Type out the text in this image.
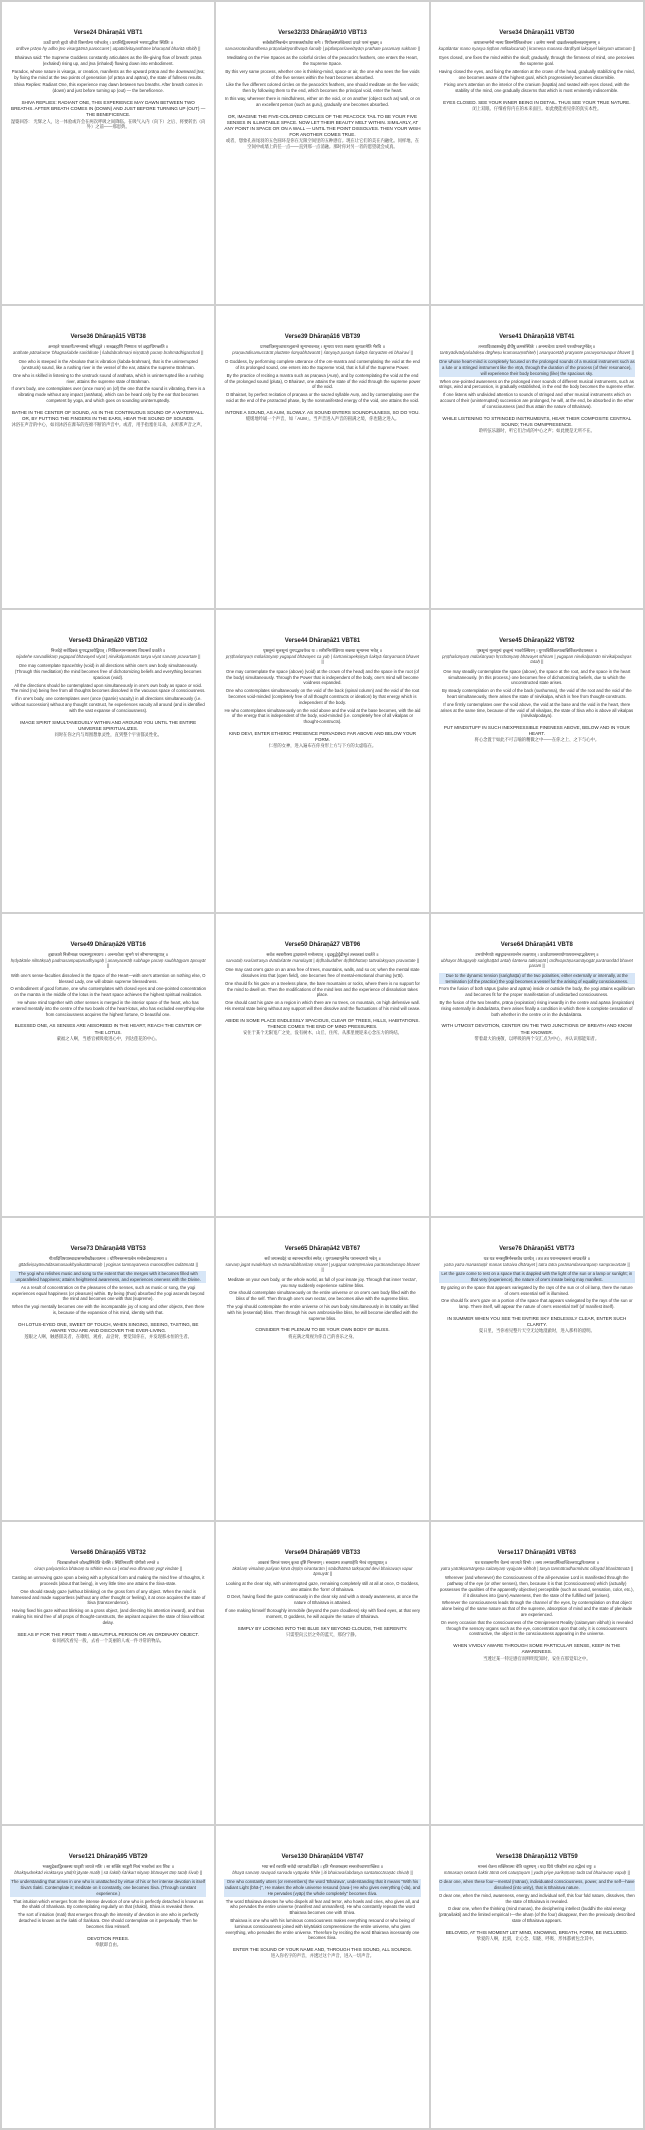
Verse24 Dhāraṇā1 VBT1
ऊर्ध्वे प्राणो ह्यधो जीवो विसर्गात्मा परोच्चरेत् । उत्पत्तिद्वितयस्थाने भरणाद्भरिता स्थितिः ॥
ūrdhve prāṇo hy adho jīvo visargātmā paroccaret | utpattidvitayasthāne bharaṇād bharitā sthitiḥ ||

Bhairava said: The Supreme Goddess constantly articulates as the life-giving flow of breath: prāṇa (exhaled) rising up, and jīva (inhaled) flowing down into embodiment.

Paradox, whose nature is visarga, or creation, manifests as the upward prāṇa and the downward jīva; by fixing the mind at the two points of generation (of prāṇa and apāna), the state of fullness results.

Shiva Replies: Radiant One, this experience may dawn between two breaths. After breath comes in (down) and just before turning up (out) — the beneficence.

SHIVA REPLIES: RADIANT ONE, THIS EXPERIENCE MAY DAWN BETWEEN TWO BREATHS. AFTER BREATH COMES IN (DOWN) AND JUST BEFORE TURNING UP (OUT) — THE BENEFICENCE.
湿婆回答： 光辉之人，这一体验或许会在两次呼吸之间降临。在吸气入内（向下）之后、将要转出（向外）之前——那恩典。
Verse32/33 Dhāraṇā9/10 VBT13
सर्वस्रोतोनिबन्धेन प्राणशक्त्योर्ध्वया शनैः । पिपीलस्पर्शवेलायां प्रथते परमं सुखम् ॥
sarvasrotonibandhena prāṇaśaktyordhvayā śanaiḥ | pipīlasparśavelāyāṃ prathate paramaṃ sukham ||

Meditating on the Five Spaces as the colorful circles of the peacock's feathers, one enters the Heart, the Supreme Space.

By this very same process, whether one is thinking-mind, space or air, the one who sees the five voids of the five senses within the heart becomes absorbed.

Like the five different colored circles on the peacock's feathers, one should meditate on the five voids; then by following them to the end, which becomes the principal void, enter the heart.

In this way, wherever there is mindfulness, either on the void, or on another (object such as) wall, or on an excellent person (such as guru), gradually one becomes absorbed.

OR, IMAGINE THE FIVE-COLORED CIRCLES OF THE PEACOCK TAIL TO BE YOUR FIVE SENSES IN ILLIMITABLE SPACE. NOW LET THEIR BEAUTY MELT WITHIN. SIMILARLY, AT ANY POINT IN SPACE OR ON A WALL — UNTIL THE POINT DISSOLVES. THEN YOUR WISH FOR ANOTHER COMES TRUE.
或者，想象孔雀尾羽的五色圆环是你在无限空间里的五种感官。现在让它们的美在内融化。同样地，在空间中或墙上的任一点——直到那一点消融。那时你对另一者的愿望就会成真。
Verse34 Dhāraṇā11 VBT30
कपालान्तर्मनो न्यस्य तिष्ठन्मीलितलोचनः । क्रमेण मनसो दार्ढ्याल्लक्षयेल्लक्ष्यमुत्तमम् ॥
kapālāntar mano nyasya tiṣṭhan mīlitalocanaḥ | krameṇa manaso dārḍhyāl lakṣayel lakṣyam uttamam ||

Eyes closed, one fixes the mind within the skull; gradually, through the firmness of mind, one perceives the supreme goal.

Having closed the eyes, and fixing the attention at the crown of the head, gradually stabilizing the mind, one becomes aware of the highest goal, which progressively becomes discernible.

Fixing one's attention on the interior of the cranium (kapāla) and seated with eyes closed, with the stability of the mind, one gradually discerns that which is most eminently indiscernible.

EYES CLOSED. SEE YOUR INNER BEING IN DETAIL. THUS SEE YOUR TRUE NATURE.
闭上双眼。仔细看你内在的本来面目。如此便能看见你的真实本性。
Verse36 Dhāraṇā15 VBT38
अनाहते पात्रकर्णेऽभग्नशब्दे सरिद्द्रुते । शब्दब्रह्मणि निष्णातः परं ब्रह्माधिगच्छति ॥
anāhate pātrakarṇe 'bhagnaśabde sariddrute | śabdabrahmaṇi niṣṇātaḥ paraṃ brahmādhigacchati ||

One who is steeped in the Absolute that is vibration (śabda-brahman), that is the uninterrupted (unstruck) sound, like a rushing river in the vessel of the ear, attains the supreme Brahman.

One who is skilled in listening to the unstruck sound of anāhata, which is uninterrupted like a rushing river, attains the supreme state of Brahman.

If one's body, one contemplates over (once more) on (of) the one that the sound is vibrating, there is a vibrating mode without any impact (anāhata), which can be heard only by the ear that becomes competent by yoga, and which goes on sounding uninterruptedly.

BATHE IN THE CENTER OF SOUND, AS IN THE CONTINUOUS SOUND OF A WATERFALL. OR, BY PUTTING THE FINGERS IN THE EARS, HEAR THE SOUND OF SOUNDS.
沐浴在声音的中心，如同沐浴在瀑布的连绵不断的声音中。或者，用手指塞住耳朵，去听那声音之声。
Verse39 Dhāraṇā16 VBT39
प्रणवादिसमुच्चारात्प्लुतान्ते शून्यभावनात् । शून्यया परया शक्त्या शून्यतामेति भैरवि ॥
praṇavādisamuccārāt plutānte śūnyabhāvanāt | śūnyayā parayā śaktyā śūnyatām eti bhairavi ||

O Goddess, by performing complete utterance of the om-mantra and contemplating the void at the end of its prolonged sound, one enters into the Supreme Void, that is full of the Supreme Power.

By the practice of reciting a mantra such as praṇava (Auṃ), and by contemplating the void at the end of the prolonged sound (pluta), O Bhairavī, one attains the state of the void through the supreme power of the void.

O Bhairavī, by perfect recitation of praṇava or the sacred syllable Auṃ, and by contemplating over the void at the end of the protracted phase, by the nonmanifested energy of the void, one attains the void.

INTONE A SOUND, AS AUM, SLOWLY. AS SOUND ENTERS SOUNDFULNESS, SO DO YOU.
缓缓地吟诵一个声音，如「AUM」。当声音进入声音的圆满之境，你也随之进入。
Verse41 Dhāraṇā18 VBT41
तन्त्र्यादिवाद्यशब्देषु दीर्घेषु क्रमसंस्थितेः । अनन्यचेताः प्रत्यन्ते परव्योमवपुर्भवेत् ॥
tantryādivādyaśabdeṣu dīrgheṣu kramasaṃsthiteḥ | ananyacetāḥ pratyante paravyomavapur bhavet ||

One whose heart-mind is completely focused on the prolonged sounds of a musical instrument such as a lute or a stringed instrument like the vīṇā, through the duration of the process (of their resonance), will experience their body becoming (like) the spacious sky.

When one-pointed awareness on the prolonged inner sounds of different musical instruments, such as strings, wind and percussion, is gradually established, in the end the body becomes the supreme ether.

If one listens with undivided attention to sounds of stringed and other musical instruments which on account of their (uninterrupted) succession are prolonged, he will, at the end, be absorbed in the ether of consciousness (and thus attain the nature of Bhairava).

WHILE LISTENING TO STRINGED INSTRUMENTS, HEAR THEIR COMPOSITE CENTRAL SOUND; THUS OMNIPRESENCE.
聆听弦乐器时，听它们合成的中心之声；如此便是无所不在。
Verse43 Dhāraṇā20 VBT102
निजदेहे सर्वदिक्कं युगपद्भावयेद्वियत् । निर्विकल्पमनास्तस्य वियत्सर्वं प्रवर्तते ॥
nijadehe sarvadikkaṃ yugapad bhāvayed viyat | nirvikalpamanās tasya viyat sarvaṃ pravartate ||

One may contemplate Space/Sky (void) in all directions within one's own body simultaneously. (Through this meditation) the mind becomes free of dichotomizing beliefs and everything becomes spacious (void).

All the directions should be contemplated upon simultaneously in one's own body as space or void. The mind (no) being free from all thoughts becomes dissolved in the vacuous space of consciousness.

If in one's body, one contemplates over (once (sparśe) vacuity) in all directions simultaneously (i.e. without succession) without any thought construct, he experiences vacuity all around (and is identified with the vast expanse of consciousness).

IMAGE SPIRIT SIMULTANEOUSLY WITHIN AND AROUND YOU UNTIL THE ENTIRE UNIVERSE SPIRITUALIZES.
同时在你之内与周围想象灵性，直到整个宇宙都灵性化。
Verse44 Dhāraṇā21 VBT81
पृष्ठशून्यं मूलशून्यं युगपद्भावयेच्च यः । शरीरनिरपेक्षिण्या शक्त्या शून्यमना भवेत् ॥
pṛṣṭhaśūnyaṃ mūlaśūnyaṃ yugapad bhāvayec ca yaḥ | śarīranirapekṣiṇyā śaktyā śūnyamanā bhavet ||

One may contemplate the space (above) (void) at the crown of the head) and the space in the root (of the body) simultaneously. Through the Power that is independent of the body, one's mind will become voidness expanded.

One who contemplates simultaneously on the void of the back (spinal column) and the void of the root becomes void-minded (completely free of all thought constructs or ideation) by that energy which is independent of the body.

He who contemplates simultaneously on the void above and the void at the base becomes, with the aid of the energy that is independent of the body, void-minded (i.e. completely free of all vikalpas or thought-constructs).

KIND DEVI, ENTER ETHERIC PRESENCE PERVADING FAR ABOVE AND BELOW YOUR FORM.
仁慈的女神，进入遍布在你身形上方与下方的太虚临在。
Verse45 Dhāraṇā22 VBT92
पृष्ठशून्यं मूलशून्यं हृच्छून्यं भावयेत्स्थिरम् । युगपन्निर्विकल्पत्वान्निर्विकल्पोदयस्ततः ॥
pṛṣṭhaśūnyaṃ mūlaśūnyaṃ hṛcchūnyaṃ bhāvayet sthiram | yugapan nirvikalpatvān nirvikalpodayas tataḥ ||

One may steadily contemplate the space (above), the space at the root, and the space in the heart simultaneously. (In this process,) one becomes free of dichotomizing beliefs, due to which the unconstructed state arises.

By steady contemplation on the void of the back (sushumna), the void of the root and the void of the heart simultaneously, there arises the state of nirvikalpa, which is free from thought-constructs.

If one firmly contemplates over the void above, the void at the base and the void in the heart, there arises at the same time, because of the void of all vikalpas, the state of Śiva who is above all vikalpas (nirvikalpodaya).

PUT MINDSTUFF IN SUCH INEXPRESSIBLE FINENESS ABOVE, BELOW AND IN YOUR HEART.
将心念置于如此不可言喻的精微之中——在你之上、之下与心中。
Verse49 Dhāraṇā26 VBT16
हृद्याकाशे निलीनाक्षः पद्मसम्पुटमध्यगः । अनन्यचेताः सुभगे परं सौभाग्यमाप्नुयात् ॥
hṛdyākāśe nilīnākṣaḥ padmasampuṭamadhyagaḥ | ananyacetāḥ subhage paraṃ saubhāgyam āpnuyāt ||

With one's sense-faculties dissolved in the Space of the Heart—with one's attention on nothing else, O blessed Lady, one will obtain supreme blessedness.

O embodiment of good fortune, one who contemplates with closed eyes and one-pointed concentration on the mantra in the middle of the lotus in the heart space achieves the highest spiritual realization.

He whose mind together with other senses is merged in the interior space of the heart, who has entered mentally into the centre of the two bowls of the heart-lotus, who has excluded everything else from consciousness acquires the highest fortune, O beautiful one.

BLESSED ONE, AS SENSES ARE ABSORBED IN THE HEART, REACH THE CENTER OF THE LOTUS.
蒙福之人啊，当感官被吸收进心中，到达莲花的中心。
Verse50 Dhāraṇā27 VBT96
सर्वतः स्वशरीरस्य द्वादशान्ते मनोलयात् । दृढबुद्धेर्दृढीभूतं तत्त्वलक्ष्यं प्रवर्तते ॥
sarvataḥ svaśarīrasya dvādaśānte manolayāt | dṛḍhabuddher dṛḍhībhūtaṃ tattvalakṣyaṃ pravartate ||

One may cast one's gaze on an area free of trees, mountains, walls, and so on; when the mental state dissolves into that (open field), one becomes free of mental-emotional churning (vṛtti).

One should fix his gaze on a treeless plane, the bare mountains or rocks, where there is no support for the mind to dwell on. Then the modifications of the mind less and the experience of dissolution takes place.

One should cast his gaze on a region in which there are no trees, on mountain, on high defensive wall. His mental state being without any support will then dissolve and the fluctuations of his mind will cease.

ABIDE IN SOME PLACE ENDLESSLY SPACIOUS, CLEAR OF TREES, HILLS, HABITATIONS. THENCE COMES THE END OF MIND PRESSURES.
安住于某个无限宽广之处，没有树木、山丘、住所。从那里便迎来心念压力的终结。
Verse64 Dhāraṇā41 VBT8
उभयोर्भगयोः सङ्घट्टादन्तःशान्तेन तत्क्षणात् । ऊर्ध्वप्राणसमायोगात्परानन्दाद्भवेत्परम् ॥
ubhayor bhagayoḥ saṅghaṭṭād antaḥ śāntena tatkṣaṇāt | ūrdhvaprāṇasamāyogāt parānandād bhavet param ||

Due to the dynamic tension (saṅghaṭṭa) of the two polarities, either externally or internally, at the termination (of the practice) the yogi becomes a vessel for the arising of equality consciousness.

From the fusion of both sāpus (pulse and apāna) inside or outside the body, the yogi attains equilibrium and becomes fit for the proper manifestation of undisturbed consciousness.

By the fusion of the two breaths, prāṇa (expiration) rising inwardly in the centre and apāna (inspiration) rising externally in dvādaśānta, there arises finally a condition in which there is complete cessation of both whether in the centre or in the dvādaśānta.

WITH UTMOST DEVOTION, CENTER ON THE TWO JUNCTIONS OF BREATH AND KNOW THE KNOWER.
带着最大的虔敬，以呼吸的两个交汇点为中心，并认识那能知者。
Verse73 Dhāraṇā48 VBT53
गीतादिविषयास्वादासमसौख्यैकतात्मनः । योगिनस्तन्मयत्वेन मनोरूढेस्तदात्मता ॥
gītādiviṣayāsvādāsamasaukhyaikatātmanaḥ | yoginas tanmayatvena manorūḍhes tadātmatā ||

The yogi who relishes music and song to the extent that she merges with it becomes filled with unparalleled happiness; attains heightened awareness, and experiences oneness with the Divine.

As a result of concentration on the pleasures of the senses, such as music or song, the yogi experiences equal happiness (or pleasure) within. By being (thus) absorbed the yogi ascends beyond the mind and becomes one with that (supreme).

When the yogi mentally becomes one with the incomparable joy of song and other objects, then there is, because of the expansion of his mind, identity with that.

OH LOTUS-EYED ONE, SWEET OF TOUCH, WHEN SINGING, SEEING, TASTING, BE AWARE YOU ARE AND DISCOVER THE EVER-LIVING.
莲眼之人啊，触感甜美者，在歌唱、观看、品尝时，要觉知你在，并发现那永恒的生者。
Verse65 Dhāraṇā42 VBT67
सर्वं जगत्स्वदेहं वा स्वानन्दभरितं स्मरेत् । युगपत्स्वामृतेनैव परानन्दमयो भवेत् ॥
sarvaṃ jagat svadehaṃ vā svānandabharitaṃ smaret | yugapat svāmṛtenaiva parānandamayo bhavet ||

Meditate on your own body, or the whole world, as full of your innate joy. Through that inner 'nectar', you may suddenly experience sublime bliss.

One should contemplate simultaneously on the entire universe or on one's own body filled with the bliss of the self. Then through one's own nectar, one becomes alive with the supreme bliss.

The yogi should contemplate the entire universe or his own body simultaneously in its totality as filled with his (essential) bliss. Then through his own ambrosia-like bliss, he will become identified with the supreme bliss.

CONSIDER THE PLENUM TO BE YOUR OWN BODY OF BLISS.
将充满之境视为你自己的喜乐之身。
Verse76 Dhāraṇā51 VBT73
यत्र यत्र मनस्तुष्टिर्मनस्तत्रैव धारयेत् । तत्र तत्र परानन्दस्वरूपं सम्प्रवर्तते ॥
yatra yatra manastuṣṭir manas tatraiva dhārayet | tatra tatra parānandasvarūpaṃ sampravartate ||

Let the gaze come to rest on a space that is dappled with the light of the sun or a lamp or sunlight; in that very (experience), the nature of one's innate being may manifest.

By gazing on the space that appears variegated by the rays of the sun or of oil lamp, there the nature of one's essential self is illumined.

One should fix one's gaze on a portion of the space that appears variegated by the rays of the sun or lamp. There itself, will appear the nature of one's essential Self (of manifest itself).

IN SUMMER WHEN YOU SEE THE ENTIRE SKY ENDLESSLY CLEAR, ENTER SUCH CLARITY.
夏日里，当你看见整片天空无边地澄澈时，进入那样的澄明。
Verse86 Dhāraṇā55 VBT32
चित्राद्यालोकने कौलद्रष्टिरेवेति चेतसि । स्थितिमत्रापि योगीशो लभते ॥
ciraṃ paśyaṃśca bhāvaṃ tu sthitim eva ca | etad eva dhruvaṃ yogī vindate ||

Casting an unmoving gaze upon a being with a physical form and making the mind free of thoughts, it proceeds (about that being), in very little time one attains the Śiva-state.

One should steady gaze (without blinking) on the gross form of any object. When the mind is harnessed and made supportless (without any other thought or feeling), it at once acquires the state of Śiva (transcendence).

Having fixed his gaze without blinking on a gross object, (and directing his attention inward), and thus making his mind free of all props of thought-constructs, the aspirant acquires the state of Śiva without delay.

SEE AS IF FOR THE FIRST TIME A BEAUTIFUL PERSON OR AN ORDINARY OBJECT.
如同初次看见一般，去看一个美丽的人或一件寻常的物品。
Verse94 Dhāraṇā69 VBT33
आकाशं विमलं पश्यन् कृत्वा दृष्टिं निरन्तराम् । स्तब्धात्मा तत्क्षणाद्देवि भैरवं वपुराप्नुयात् ॥
ākāśaṃ vimalaṃ paśyan kṛtvā dṛṣṭiṃ nirantarām | stabdhātmā tatkṣaṇād devi bhairavaṃ vapur āpnuyāt ||

Looking at the clear sky, with uninterrupted gaze, remaining completely still at all at once, O Goddess, one attains the 'form' of Bhairava.

O Devī, having fixed the gaze continuously in the clear sky and with a steady awareness, at once the nature of Bhairava is attained.

If one making himself thoroughly immobile (beyond the pure cloudless) sky with fixed eyes, at that very moment, O goddess, he will acquire the nature of Bhairava.

SIMPLY BY LOOKING INTO THE BLUE SKY BEYOND CLOUDS, THE SERENITY.
只需望向云层之外的蓝天，那份宁静。
Verse117 Dhāraṇā91 VBT63
यत्र यत्राक्षमार्गेण चैतन्यं व्यज्यते विभोः । तस्य तन्मात्रधर्मित्वाच्चिल्लयाद्भरितात्मता ॥
yatra yatrākṣamārgeṇa caitanyaṃ vyajyate vibhoḥ | tasya tanmātradharmitvāc cillayād bharitātmatā ||

Wherever (and whenever) the Consciousness of the all-pervasive Lord is manifested through the pathway of the eye (or other senses), then, because it is that (Consciousness) which (actually) possesses the qualities of the apparently objective) perceptible (such as sound, sensation, color, etc.), if it dissolves into (pure) Awareness, then the state of the fulfilled self (arises).

Wherever the consciousness leads through the channel of the eyes, by contemplation on that object alone being of the same nature as that of the supreme, absorption of mind and the state of plenitude are experienced.

On every occasion that the consciousness of the Omnipresent Reality (caitanyam vibhoḥ) is revealed through the sensory organs such as the eye, concentration upon that only, it is consciousness's constructive, the object is the consciousness appearing in the universe.

WHEN VIVIDLY AWARE THROUGH SOME PARTICULAR SENSE, KEEP IN THE AWARENESS.
当透过某一特定感官而鲜明觉知时，安住在那觉知之中。
Verse121 Dhāraṇā95 VBT29
भक्त्युद्रेकाद्विरक्तस्य यादृशी जायते मतिः । सा शक्तिः शाङ्करी नित्यं भावयेत्तां ततः शिवः ॥
bhaktyudrekād viraktasya yādṛśī jāyate matiḥ | sā śaktiḥ śāṅkarī nityaṃ bhāvayet tāṃ tataḥ śivaḥ ||

The understanding that arises in one who is unattached by virtue of his or her intense devotion is itself Śiva's Śakti. Contemplate it; meditate on it constantly, one becomes Śiva. (Through constant experience.)

That intuition which emerges from the intense devotion of one who is perfectly detached is known as the shakti of Shankara. By contemplating regularly on that (shakti), Shiva is revealed there.

The sort of intuition (mati) that emerges through the intensity of devotion in one who is perfectly detached is known as the śakti of Śaṅkara. One should contemplate on it perpetually. Then he becomes Śiva Himself.

DEVOTION FREES.
奉献即自由。
Verse130 Dhāraṇā104 VBT47
भया सर्वं रवयति सर्वदो व्यापकोऽखिले । इति भैरवशब्दस्य सन्ततोच्चारणाच्छिवः ॥
bhayā sarvaṃ ravayati sarvado vyāpako 'khile | iti bhairavaśabdasya santatoccāraṇāc chivaḥ ||

One who constantly utters (or remembers) the word 'Bhairava', understanding that it means "With his radiant Light (bhā-)", He makes the whole universe resound (rava-) He who gives everything (-da), and He pervades (vyāp) the whole completely" becomes Śiva.

The word Bhairava denotes he who dispels all fear and terror, who howls and cries, who gives all, and who pervades the entire universe (manifest and unmanifest). He who constantly repeats the word Bhairava becomes one with Shiva.

Bhairava is one who with his luminous consciousness makes everything resound or who being of luminous consciousness joined with kriyāśakti compreensione the entire universe, who gives everything, who pervades the entire universe. Therefore by reciting the word Bhairava incessantly one becomes Śiva.

ENTER THE SOUND OF YOUR NAME AND, THROUGH THIS SOUND, ALL SOUNDS.
进入你名字的声音，并透过这个声音，进入一切声音。
Verse138 Dhāraṇā112 VBT59
मानसं चेतना शक्तिरात्मा चेति चतुष्टयम् । यदा प्रिये परिक्षीणं तदा तद्भैरवं वपुः ॥
mānasaṃ cetanā śaktir ātmā ceti catuṣṭayam | yadā priye parikṣīṇaṃ tadā tad bhairavaṃ vapuḥ ||

O dear one, when these four—mental (mānas), individuated consciousness, power, and the self—have dissolved (into unity), that is Bhairava nature.

O dear one, when the mind, awareness, energy and individual self, this four fold nature, dissolves, then the state of Bhairava is revealed.

O dear one, when the thinking (mind manas), the deciphering intellect (buddhi the vital energy (prāṇašakti) and the limited empirical I—the ahaṃ (of the four) disappear, then the previously described state of Bhairava appears.

BELOVED, AT THIS MOMENT LET MIND, KNOWING, BREATH, FORM, BE INCLUDED.
挚爱的人啊，此刻，让心念、知晓、呼吸、形体都被包含其中。
